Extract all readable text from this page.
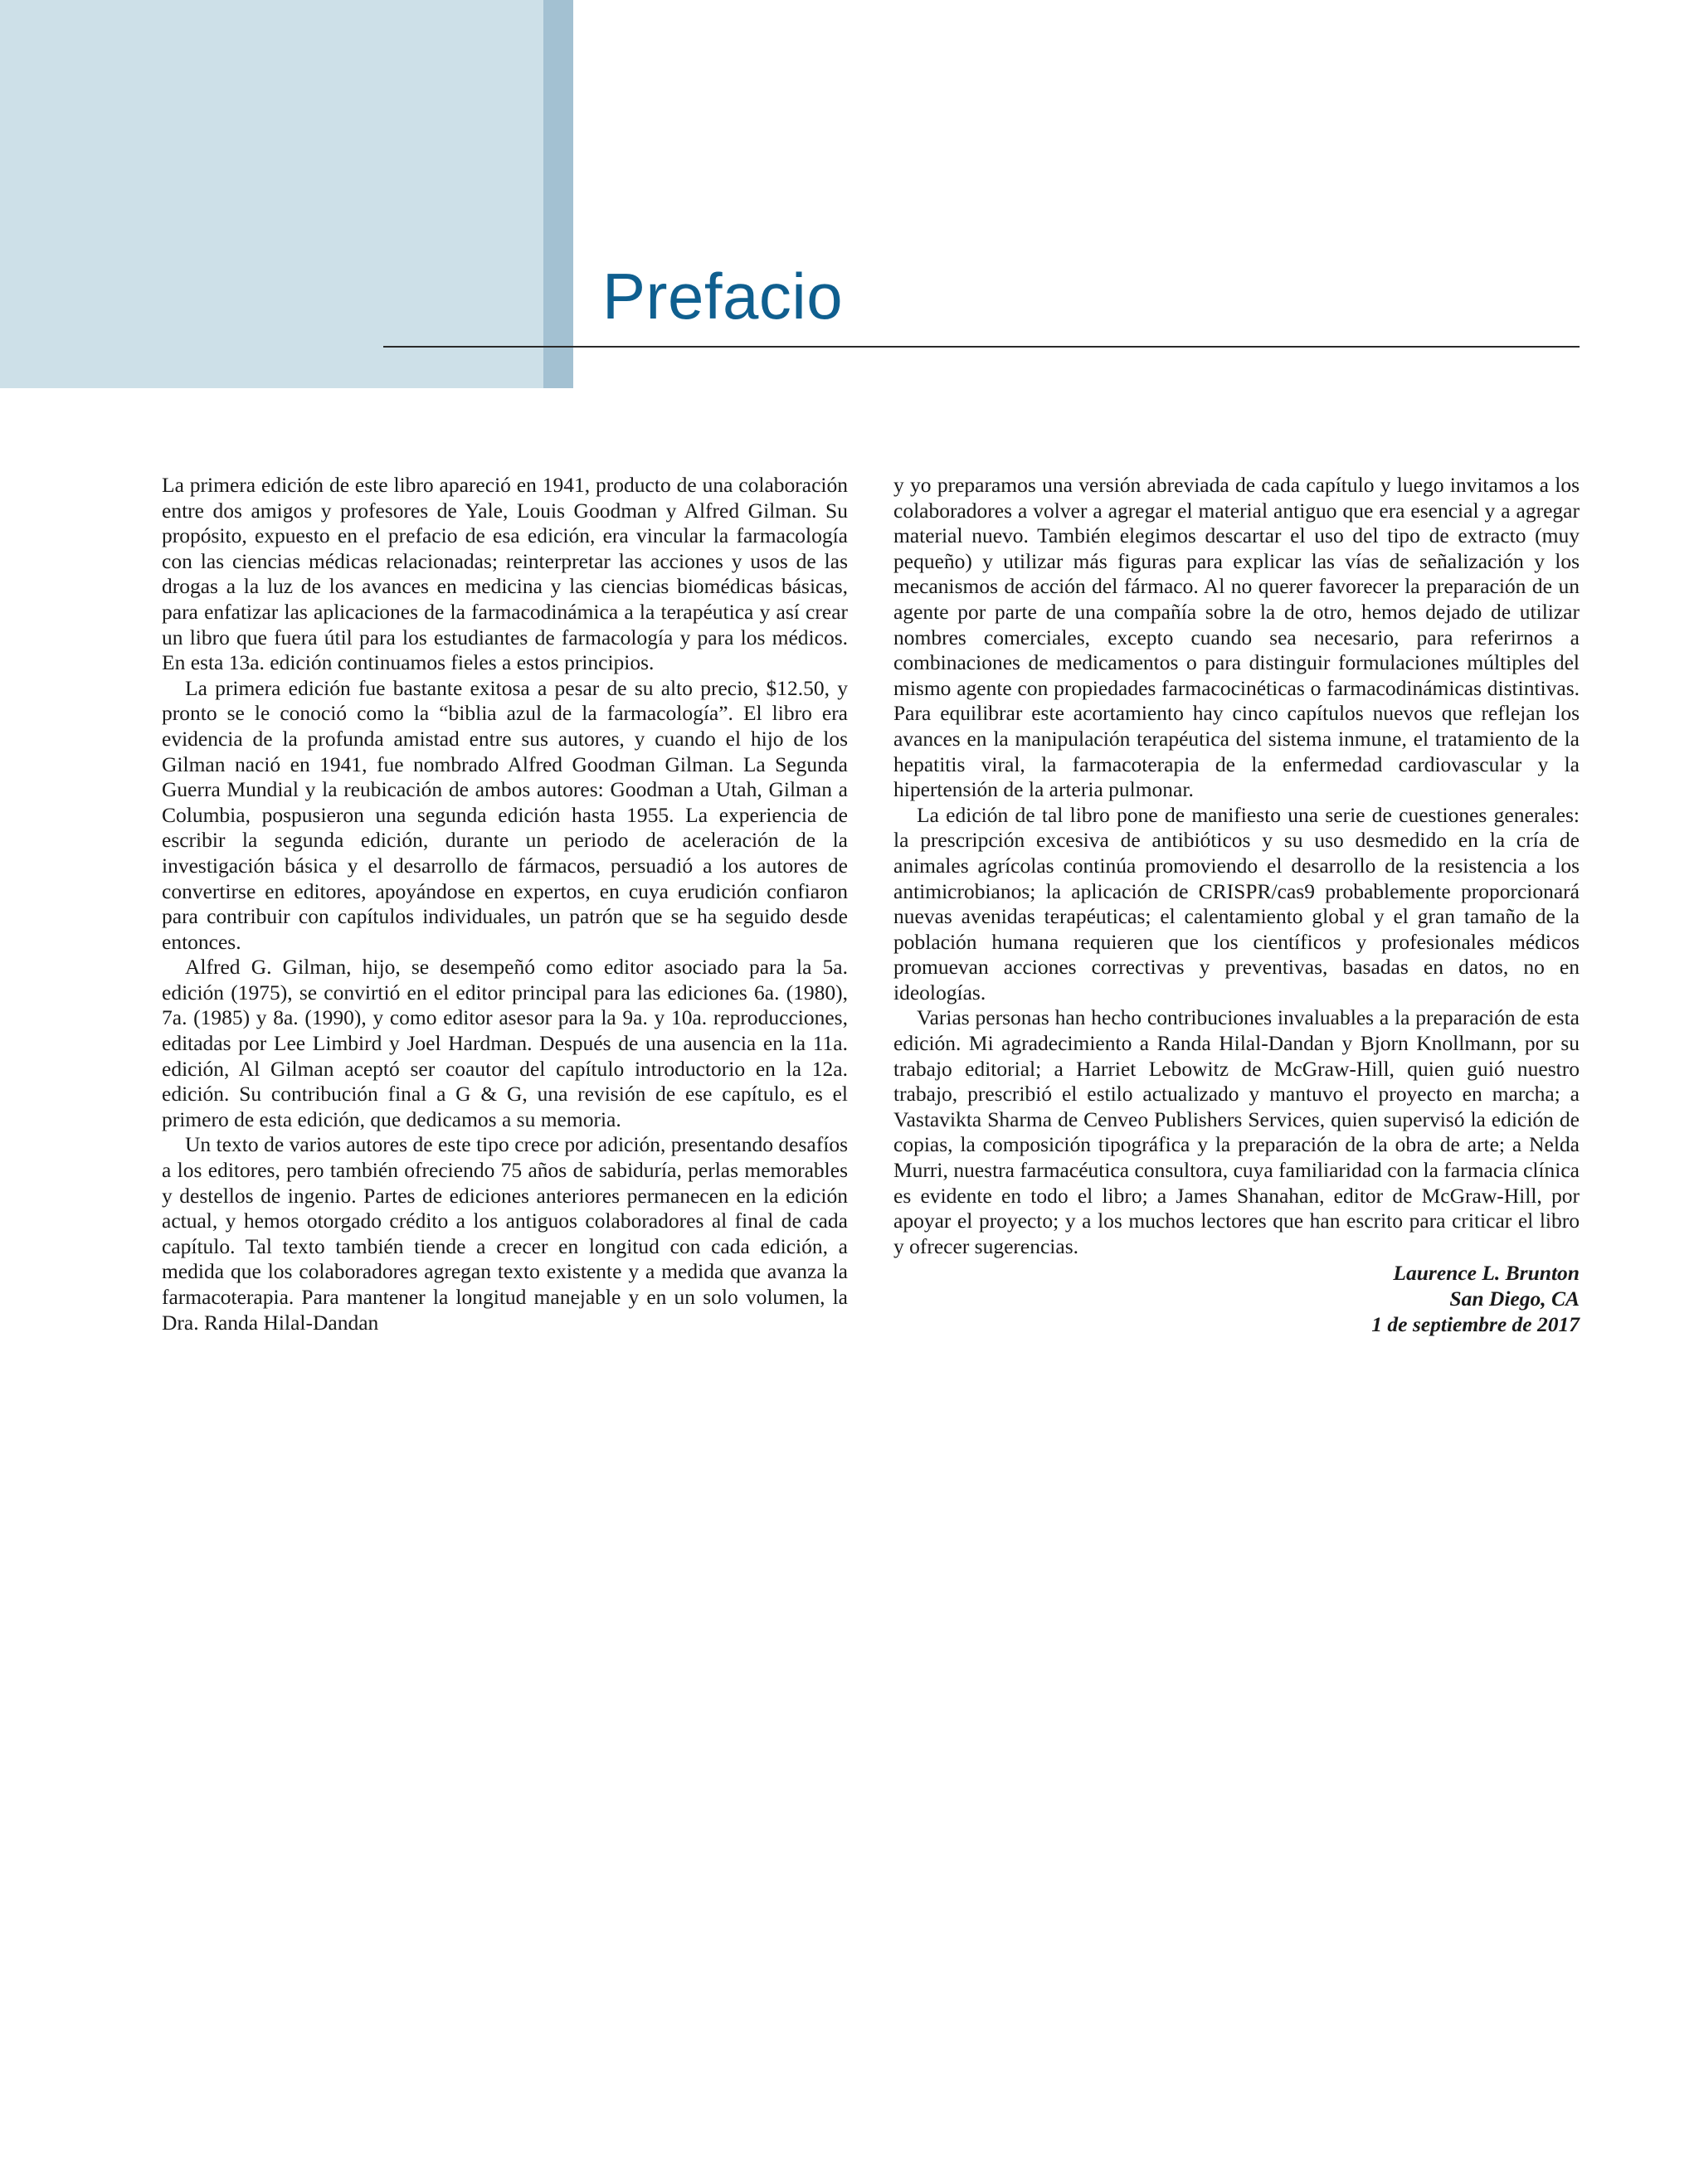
Prefacio

La primera edición de este libro apareció en 1941, producto de una colaboración entre dos amigos y profesores de Yale, Louis Goodman y Alfred Gilman. Su propósito, expuesto en el prefacio de esa edición, era vincular la farmacología con las ciencias médicas relacionadas; reinterpretar las acciones y usos de las drogas a la luz de los avances en medicina y las ciencias biomédicas básicas, para enfatizar las aplicaciones de la farmacodinámica a la terapéutica y así crear un libro que fuera útil para los estudiantes de farmacología y para los médicos. En esta 13a. edición continuamos fieles a estos principios.

La primera edición fue bastante exitosa a pesar de su alto precio, $12.50, y pronto se le conoció como la “biblia azul de la farmacología”. El libro era evidencia de la profunda amistad entre sus autores, y cuando el hijo de los Gilman nació en 1941, fue nombrado Alfred Goodman Gilman. La Segunda Guerra Mundial y la reubicación de ambos autores: Goodman a Utah, Gilman a Columbia, pospusieron una segunda edición hasta 1955. La experiencia de escribir la segunda edición, durante un periodo de aceleración de la investigación básica y el desarrollo de fármacos, persuadió a los autores de convertirse en editores, apoyándose en expertos, en cuya erudición confiaron para contribuir con capítulos individuales, un patrón que se ha seguido desde entonces.

Alfred G. Gilman, hijo, se desempeñó como editor asociado para la 5a. edición (1975), se convirtió en el editor principal para las ediciones 6a. (1980), 7a. (1985) y 8a. (1990), y como editor asesor para la 9a. y 10a. reproducciones, editadas por Lee Limbird y Joel Hardman. Después de una ausencia en la 11a. edición, Al Gilman aceptó ser coautor del capítulo introductorio en la 12a. edición. Su contribución final a G & G, una revisión de ese capítulo, es el primero de esta edición, que dedicamos a su memoria.

Un texto de varios autores de este tipo crece por adición, presentando desafíos a los editores, pero también ofreciendo 75 años de sabiduría, perlas memorables y destellos de ingenio. Partes de ediciones anteriores permanecen en la edición actual, y hemos otorgado crédito a los antiguos colaboradores al final de cada capítulo. Tal texto también tiende a crecer en longitud con cada edición, a medida que los colaboradores agregan texto existente y a medida que avanza la farmacoterapia. Para mantener la longitud manejable y en un solo volumen, la Dra. Randa Hilal-Dandan

y yo preparamos una versión abreviada de cada capítulo y luego invitamos a los colaboradores a volver a agregar el material antiguo que era esencial y a agregar material nuevo. También elegimos descartar el uso del tipo de extracto (muy pequeño) y utilizar más figuras para explicar las vías de señalización y los mecanismos de acción del fármaco. Al no querer favorecer la preparación de un agente por parte de una compañía sobre la de otro, hemos dejado de utilizar nombres comerciales, excepto cuando sea necesario, para referirnos a combinaciones de medicamentos o para distinguir formulaciones múltiples del mismo agente con propiedades farmacocinéticas o farmacodinámicas distintivas. Para equilibrar este acortamiento hay cinco capítulos nuevos que reflejan los avances en la manipulación terapéutica del sistema inmune, el tratamiento de la hepatitis viral, la farmacoterapia de la enfermedad cardiovascular y la hipertensión de la arteria pulmonar.

La edición de tal libro pone de manifiesto una serie de cuestiones generales: la prescripción excesiva de antibióticos y su uso desmedido en la cría de animales agrícolas continúa promoviendo el desarrollo de la resistencia a los antimicrobianos; la aplicación de CRISPR/cas9 probablemente proporcionará nuevas avenidas terapéuticas; el calentamiento global y el gran tamaño de la población humana requieren que los científicos y profesionales médicos promuevan acciones correctivas y preventivas, basadas en datos, no en ideologías.

Varias personas han hecho contribuciones invaluables a la preparación de esta edición. Mi agradecimiento a Randa Hilal-Dandan y Bjorn Knollmann, por su trabajo editorial; a Harriet Lebowitz de McGraw-Hill, quien guió nuestro trabajo, prescribió el estilo actualizado y mantuvo el proyecto en marcha; a Vastavikta Sharma de Cenveo Publishers Services, quien supervisó la edición de copias, la composición tipográfica y la preparación de la obra de arte; a Nelda Murri, nuestra farmacéutica consultora, cuya familiaridad con la farmacia clínica es evidente en todo el libro; a James Shanahan, editor de McGraw-Hill, por apoyar el proyecto; y a los muchos lectores que han escrito para criticar el libro y ofrecer sugerencias.

Laurence L. Brunton
San Diego, CA
1 de septiembre de 2017
